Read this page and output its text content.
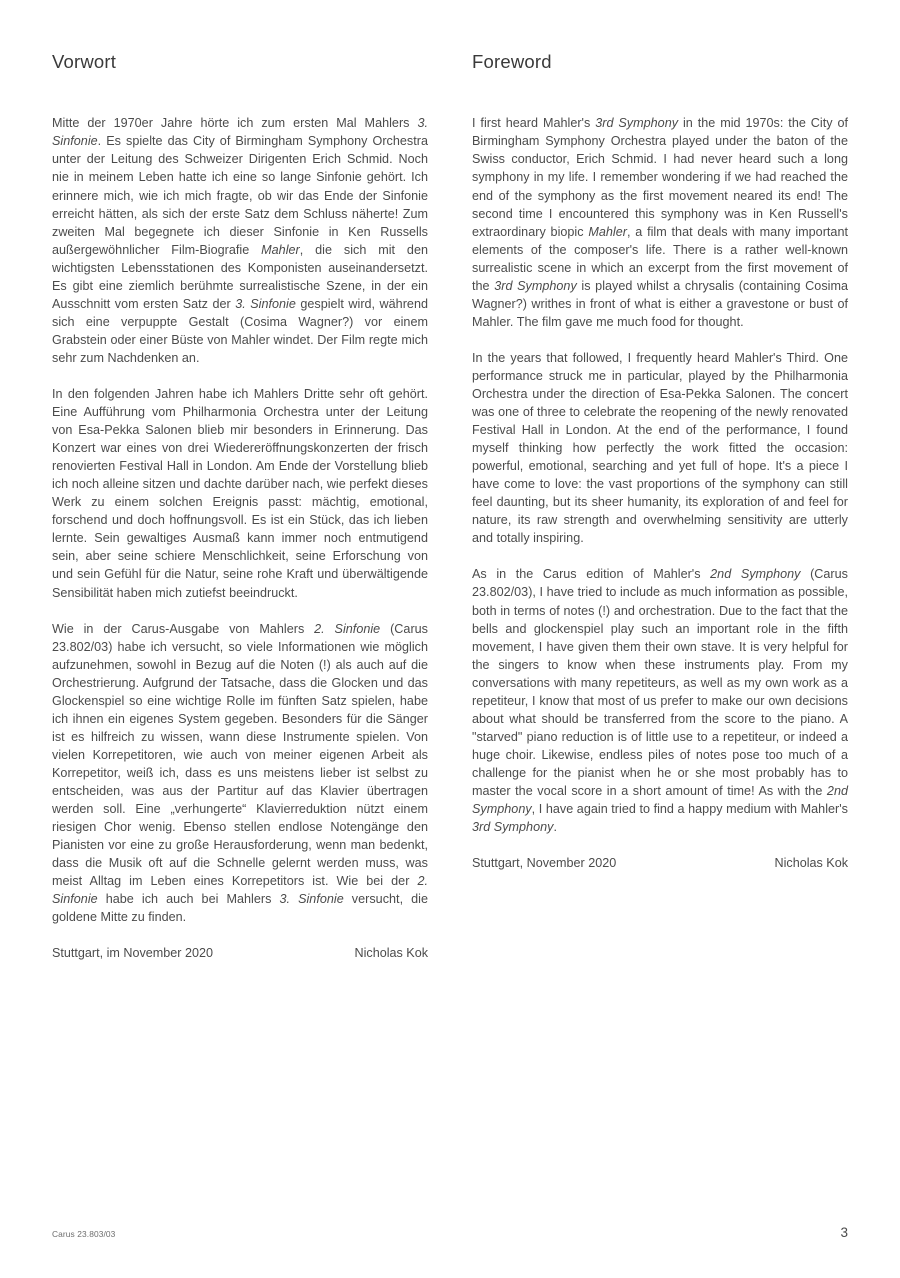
Vorwort

Mitte der 1970er Jahre hörte ich zum ersten Mal Mahlers 3. Sinfonie. Es spielte das City of Birmingham Symphony Orchestra unter der Leitung des Schweizer Dirigenten Erich Schmid. Noch nie in meinem Leben hatte ich eine so lange Sinfonie gehört. Ich erinnere mich, wie ich mich fragte, ob wir das Ende der Sinfonie erreicht hätten, als sich der erste Satz dem Schluss näherte! Zum zweiten Mal begegnete ich dieser Sinfonie in Ken Russells außergewöhnlicher Film-Biografie Mahler, die sich mit den wichtigsten Lebensstationen des Komponisten auseinandersetzt. Es gibt eine ziemlich berühmte surrealistische Szene, in der ein Ausschnitt vom ersten Satz der 3. Sinfonie gespielt wird, während sich eine verpuppte Gestalt (Cosima Wagner?) vor einem Grabstein oder einer Büste von Mahler windet. Der Film regte mich sehr zum Nachdenken an.

In den folgenden Jahren habe ich Mahlers Dritte sehr oft gehört. Eine Aufführung vom Philharmonia Orchestra unter der Leitung von Esa-Pekka Salonen blieb mir besonders in Erinnerung. Das Konzert war eines von drei Wiedereröffnungskonzerten der frisch renovierten Festival Hall in London. Am Ende der Vorstellung blieb ich noch alleine sitzen und dachte darüber nach, wie perfekt dieses Werk zu einem solchen Ereignis passt: mächtig, emotional, forschend und doch hoffnungsvoll. Es ist ein Stück, das ich lieben lernte. Sein gewaltiges Ausmaß kann immer noch entmutigend sein, aber seine schiere Menschlichkeit, seine Erforschung von und sein Gefühl für die Natur, seine rohe Kraft und überwältigende Sensibilität haben mich zutiefst beeindruckt.

Wie in der Carus-Ausgabe von Mahlers 2. Sinfonie (Carus 23.802/03) habe ich versucht, so viele Informationen wie möglich aufzunehmen, sowohl in Bezug auf die Noten (!) als auch auf die Orchestrierung. Aufgrund der Tatsache, dass die Glocken und das Glockenspiel so eine wichtige Rolle im fünften Satz spielen, habe ich ihnen ein eigenes System gegeben. Besonders für die Sänger ist es hilfreich zu wissen, wann diese Instrumente spielen. Von vielen Korrepetitoren, wie auch von meiner eigenen Arbeit als Korrepetitor, weiß ich, dass es uns meistens lieber ist selbst zu entscheiden, was aus der Partitur auf das Klavier übertragen werden soll. Eine „verhungerte“ Klavierreduktion nützt einem riesigen Chor wenig. Ebenso stellen endlose Notengänge den Pianisten vor eine zu große Herausforderung, wenn man bedenkt, dass die Musik oft auf die Schnelle gelernt werden muss, was meist Alltag im Leben eines Korrepetitors ist. Wie bei der 2. Sinfonie habe ich auch bei Mahlers 3. Sinfonie versucht, die goldene Mitte zu finden.

Stuttgart, im November 2020	Nicholas Kok
Foreword

I first heard Mahler's 3rd Symphony in the mid 1970s: the City of Birmingham Symphony Orchestra played under the baton of the Swiss conductor, Erich Schmid. I had never heard such a long symphony in my life. I remember wondering if we had reached the end of the symphony as the first movement neared its end! The second time I encountered this symphony was in Ken Russell's extraordinary biopic Mahler, a film that deals with many important elements of the composer's life. There is a rather well-known surrealistic scene in which an excerpt from the first movement of the 3rd Symphony is played whilst a chrysalis (containing Cosima Wagner?) writhes in front of what is either a gravestone or bust of Mahler. The film gave me much food for thought.

In the years that followed, I frequently heard Mahler's Third. One performance struck me in particular, played by the Philharmonia Orchestra under the direction of Esa-Pekka Salonen. The concert was one of three to celebrate the reopening of the newly renovated Festival Hall in London. At the end of the performance, I found myself thinking how perfectly the work fitted the occasion: powerful, emotional, searching and yet full of hope. It's a piece I have come to love: the vast proportions of the symphony can still feel daunting, but its sheer humanity, its exploration of and feel for nature, its raw strength and overwhelming sensitivity are utterly and totally inspiring.

As in the Carus edition of Mahler's 2nd Symphony (Carus 23.802/03), I have tried to include as much information as possible, both in terms of notes (!) and orchestration. Due to the fact that the bells and glockenspiel play such an important role in the fifth movement, I have given them their own stave. It is very helpful for the singers to know when these instruments play. From my conversations with many repetiteurs, as well as my own work as a repetiteur, I know that most of us prefer to make our own decisions about what should be transferred from the score to the piano. A "starved" piano reduction is of little use to a repetiteur, or indeed a huge choir. Likewise, endless piles of notes pose too much of a challenge for the pianist when he or she most probably has to master the vocal score in a short amount of time! As with the 2nd Symphony, I have again tried to find a happy medium with Mahler's 3rd Symphony.

Stuttgart, November 2020	Nicholas Kok
Carus 23.803/03	3
